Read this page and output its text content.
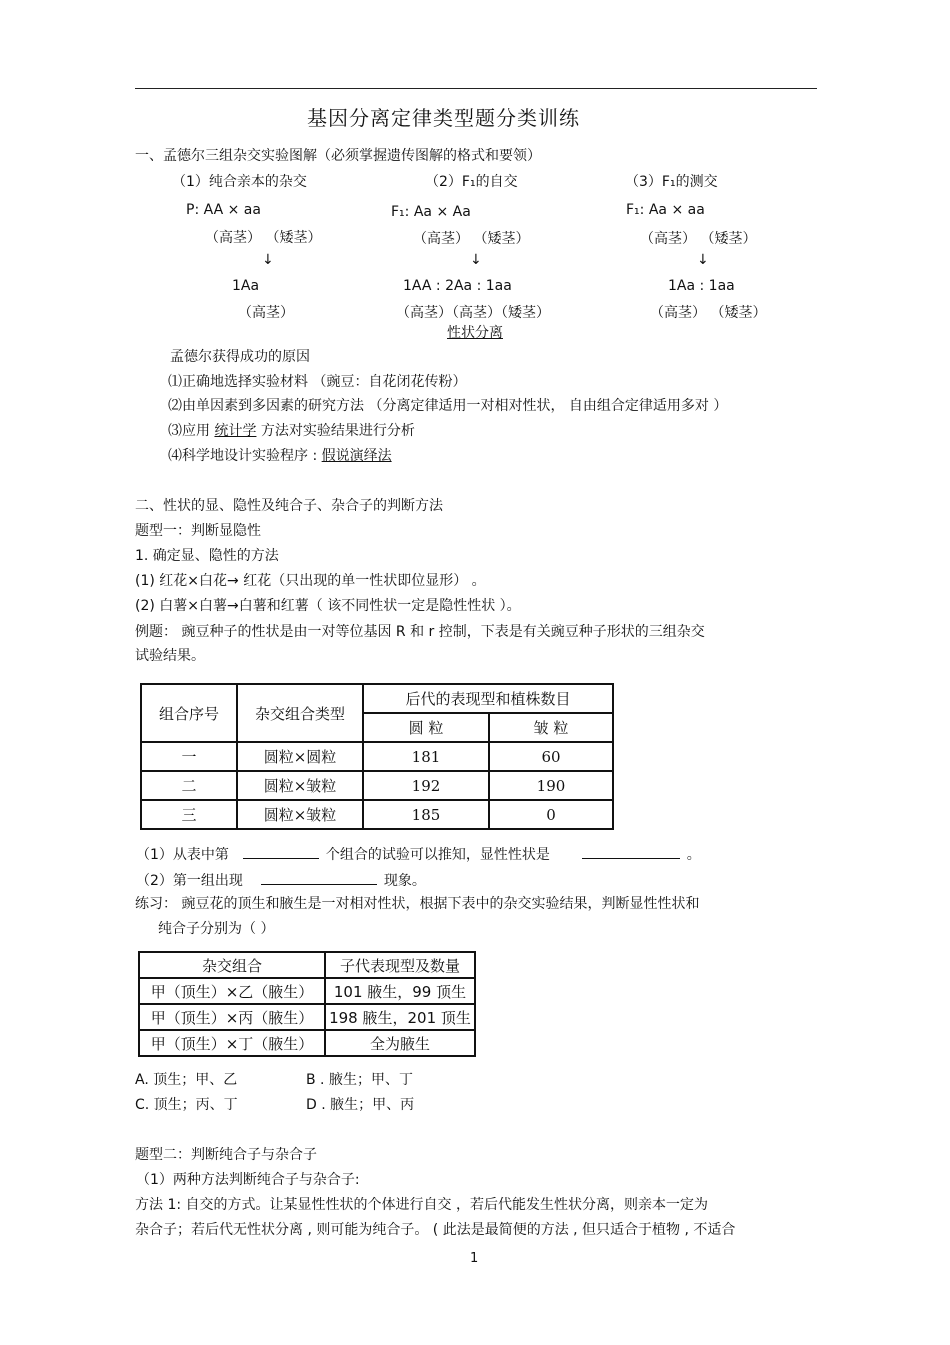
基因分离定律类型题分类训练
一、孟德尔三组杂交实验图解（必须掌握遗传图解的格式和要领）
（1）纯合亲本的杂交
P: AA × aa
（高茎） （矮茎）
↓
1Aa
（高茎）
（2）F₁的自交
F₁: Aa × Aa
（高茎） （矮茎）
↓
1AA : 2Aa : 1aa
（高茎）（高茎）（矮茎）
性状分离
（3）F₁的测交
F₁: Aa × aa
（高茎） （矮茎）
↓
1Aa : 1aa
（高茎） （矮茎）
孟德尔获得成功的原因
⑴正确地选择实验材料 （豌豆：自花闭花传粉）
⑵由单因素到多因素的研究方法 （分离定律适用一对相对性状， 自由组合定律适用多对 ）
⑶应用 统计学 方法对实验结果进行分析
⑷科学地设计实验程序 : 假说演绎法
二、性状的显、隐性及纯合子、杂合子的判断方法
题型一：判断显隐性
1. 确定显、隐性的方法
(1) 红花×白花→ 红花（只出现的单一性状即位显形） 。
(2) 白薯×白薯→白薯和红薯（ 该不同性状一定是隐性性状 ）。
例题： 豌豆种子的性状是由一对等位基因 R 和 r 控制，下表是有关豌豆种子形状的三组杂交
试验结果。
组合序号	杂交组合类型	后代的表现型和植株数目	
		圆 粒	皱 粒
一	圆粒×圆粒	181	60
二	圆粒×皱粒	192	190
三	圆粒×皱粒	185	0
（1）从表中第	个组合的试验可以推知，显性性状是	。
（2）第一组出现	现象。
练习： 豌豆花的顶生和腋生是一对相对性状，根据下表中的杂交实验结果，判断显性性状和
纯合子分别为（ ）
杂交组合	子代表现型及数量
甲（顶生）×乙（腋生）	101 腋生，99 顶生
甲（顶生）×丙（腋生）	198 腋生，201 顶生
甲（顶生）×丁（腋生）	全为腋生
A. 顶生；甲、乙	B . 腋生；甲、丁
C. 顶生；丙、丁	D . 腋生；甲、丙
题型二：判断纯合子与杂合子
（1）两种方法判断纯合子与杂合子:
方法 1: 自交的方式。让某显性性状的个体进行自交 ，若后代能发生性状分离，则亲本一定为
杂合子；若后代无性状分离 , 则可能为纯合子。 ( 此法是最简便的方法 , 但只适合于植物 , 不适合
1
